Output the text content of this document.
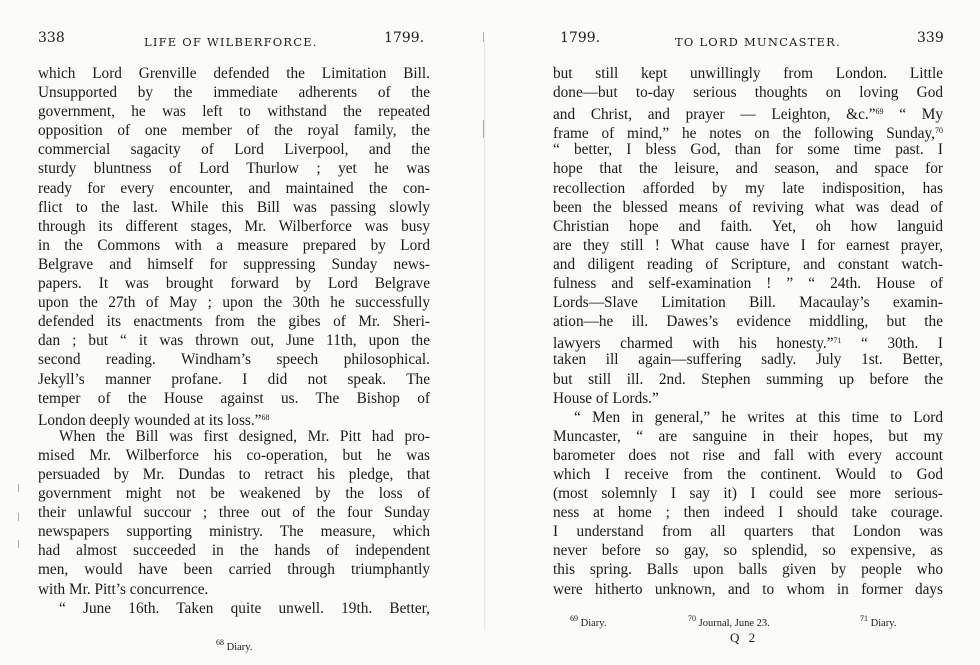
338	LIFE OF WILBERFORCE.	1799.
which Lord Grenville defended the Limitation Bill.
Unsupported by the immediate adherents of the
government, he was left to withstand the repeated
opposition of one member of the royal family, the
commercial sagacity of Lord Liverpool, and the
sturdy bluntness of Lord Thurlow ; yet he was
ready for every encounter, and maintained the con-
flict to the last. While this Bill was passing slowly
through its different stages, Mr. Wilberforce was busy
in the Commons with a measure prepared by Lord
Belgrave and himself for suppressing Sunday news-
papers. It was brought forward by Lord Belgrave
upon the 27th of May ; upon the 30th he successfully
defended its enactments from the gibes of Mr. Sheri-
dan ; but “ it was thrown out, June 11th, upon the
second reading. Windham’s speech philosophical.
Jekyll’s manner profane. I did not speak. The
temper of the House against us. The Bishop of
London deeply wounded at its loss.”$^{68}$
When the Bill was first designed, Mr. Pitt had pro-
mised Mr. Wilberforce his co-operation, but he was
persuaded by Mr. Dundas to retract his pledge, that
government might not be weakened by the loss of
their unlawful succour ; three out of the four Sunday
newspapers supporting ministry. The measure, which
had almost succeeded in the hands of independent
men, would have been carried through triumphantly
with Mr. Pitt’s concurrence.
“ June 16th. Taken quite unwell. 19th. Better,
$^{68}$ Diary.
1799.	TO LORD MUNCASTER.	339
but still kept unwillingly from London. Little
done—but to-day serious thoughts on loving God
and Christ, and prayer — Leighton, &c.”$^{69}$ “ My
frame of mind,” he notes on the following Sunday,$^{70}$
“ better, I bless God, than for some time past. I
hope that the leisure, and season, and space for
recollection afforded by my late indisposition, has
been the blessed means of reviving what was dead of
Christian hope and faith. Yet, oh how languid
are they still ! What cause have I for earnest prayer,
and diligent reading of Scripture, and constant watch-
fulness and self-examination ! ” “ 24th. House of
Lords—Slave Limitation Bill. Macaulay’s examin-
ation—he ill. Dawes’s evidence middling, but the
lawyers charmed with his honesty.”$^{71}$ “ 30th. I
taken ill again—suffering sadly. July 1st. Better,
but still ill. 2nd. Stephen summing up before the
House of Lords.”
“ Men in general,” he writes at this time to Lord
Muncaster, “ are sanguine in their hopes, but my
barometer does not rise and fall with every account
which I receive from the continent. Would to God
(most solemnly I say it) I could see more serious-
ness at home ; then indeed I should take courage.
I understand from all quarters that London was
never before so gay, so splendid, so expensive, as
this spring. Balls upon balls given by people who
were hitherto unknown, and to whom in former days
$^{69}$ Diary.	$^{70}$ Journal, June 23.	$^{71}$ Diary.
Q 2
